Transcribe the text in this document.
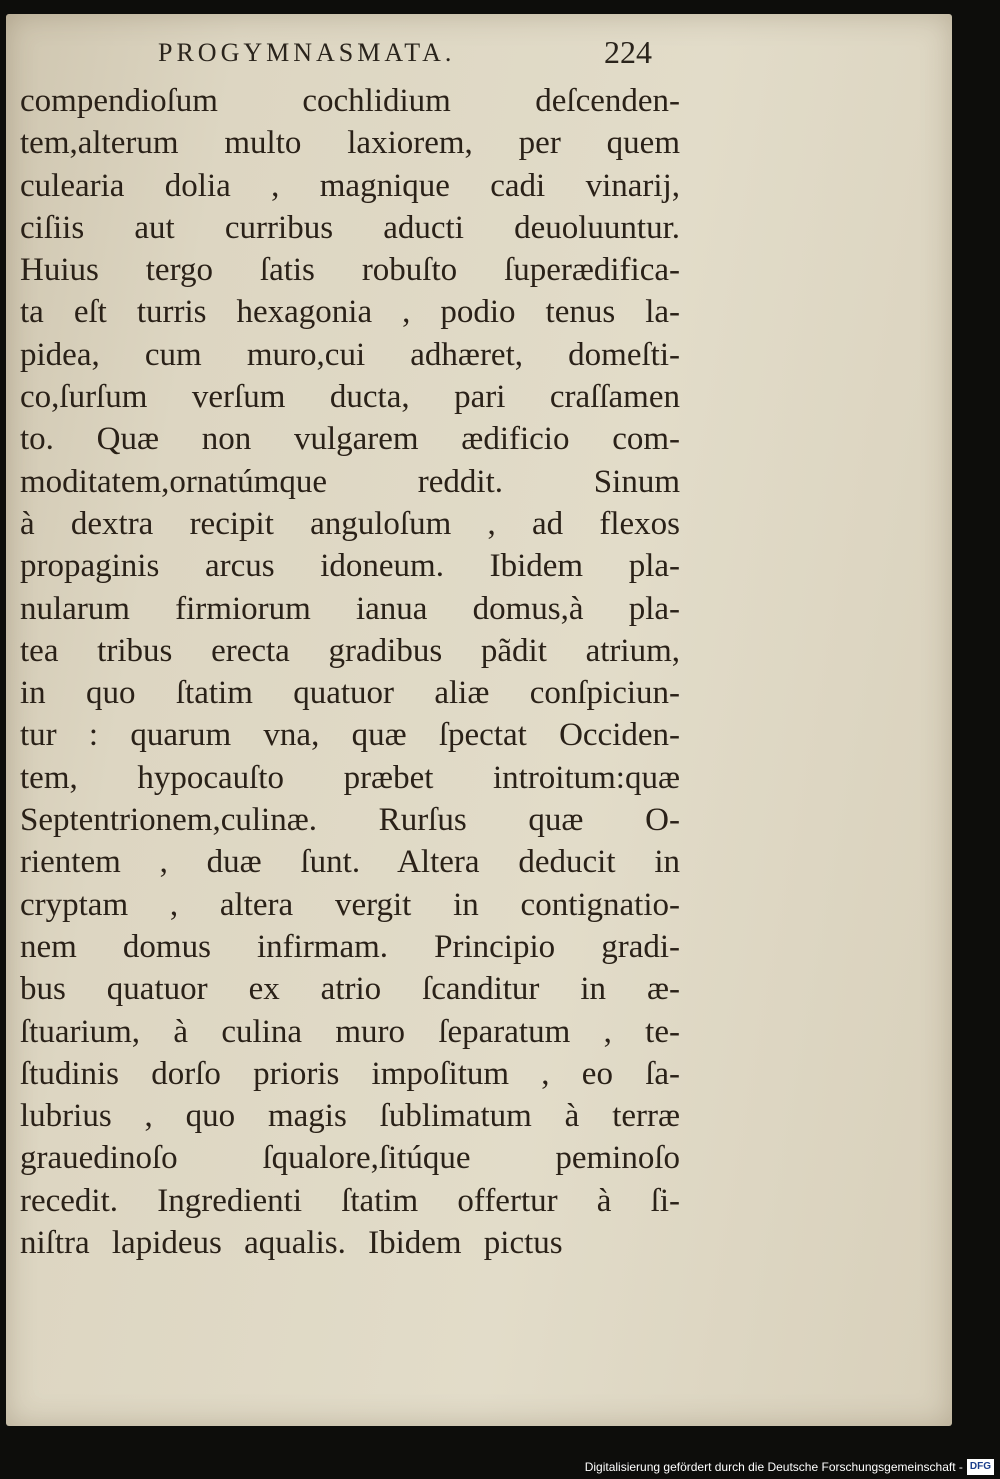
PROGYMNASMATA.	224
compendioſum cochlidium deſcenden-
tem,alterum multo laxiorem, per quem
culearia dolia , magnique cadi vinarij,
ciſiis aut curribus aducti deuoluuntur.
Huius tergo ſatis robuſto ſuperædifica-
ta eſt turris hexagonia , podio tenus la-
pidea, cum muro,cui adhæret, domeſti-
co,ſurſum verſum ducta, pari craſſamen
to. Quæ non vulgarem ædificio com-
moditatem,ornatúmque reddit. Sinum
à dextra recipit anguloſum , ad flexos
propaginis arcus idoneum. Ibidem pla-
nularum firmiorum ianua domus,à pla-
tea tribus erecta gradibus pãdit atrium,
in quo ſtatim quatuor aliæ conſpiciun-
tur : quarum vna, quæ ſpectat Occiden-
tem, hypocauſto præbet introitum:quæ
Septentrionem,culinæ. Rurſus quæ O-
rientem , duæ ſunt. Altera deducit in
cryptam , altera vergit in contignatio-
nem domus infirmam. Principio gradi-
bus quatuor ex atrio ſcanditur in æ-
ſtuarium, à culina muro ſeparatum , te-
ſtudinis dorſo prioris impoſitum , eo ſa-
lubrius , quo magis ſublimatum à terræ
grauedinoſo ſqualore,ſitúque peminoſo
recedit. Ingredienti ſtatim offertur à ſi-
niſtra lapideus aqualis. Ibidem pictus
Digitalisierung gefördert durch die Deutsche Forschungsgemeinschaft - DFG
